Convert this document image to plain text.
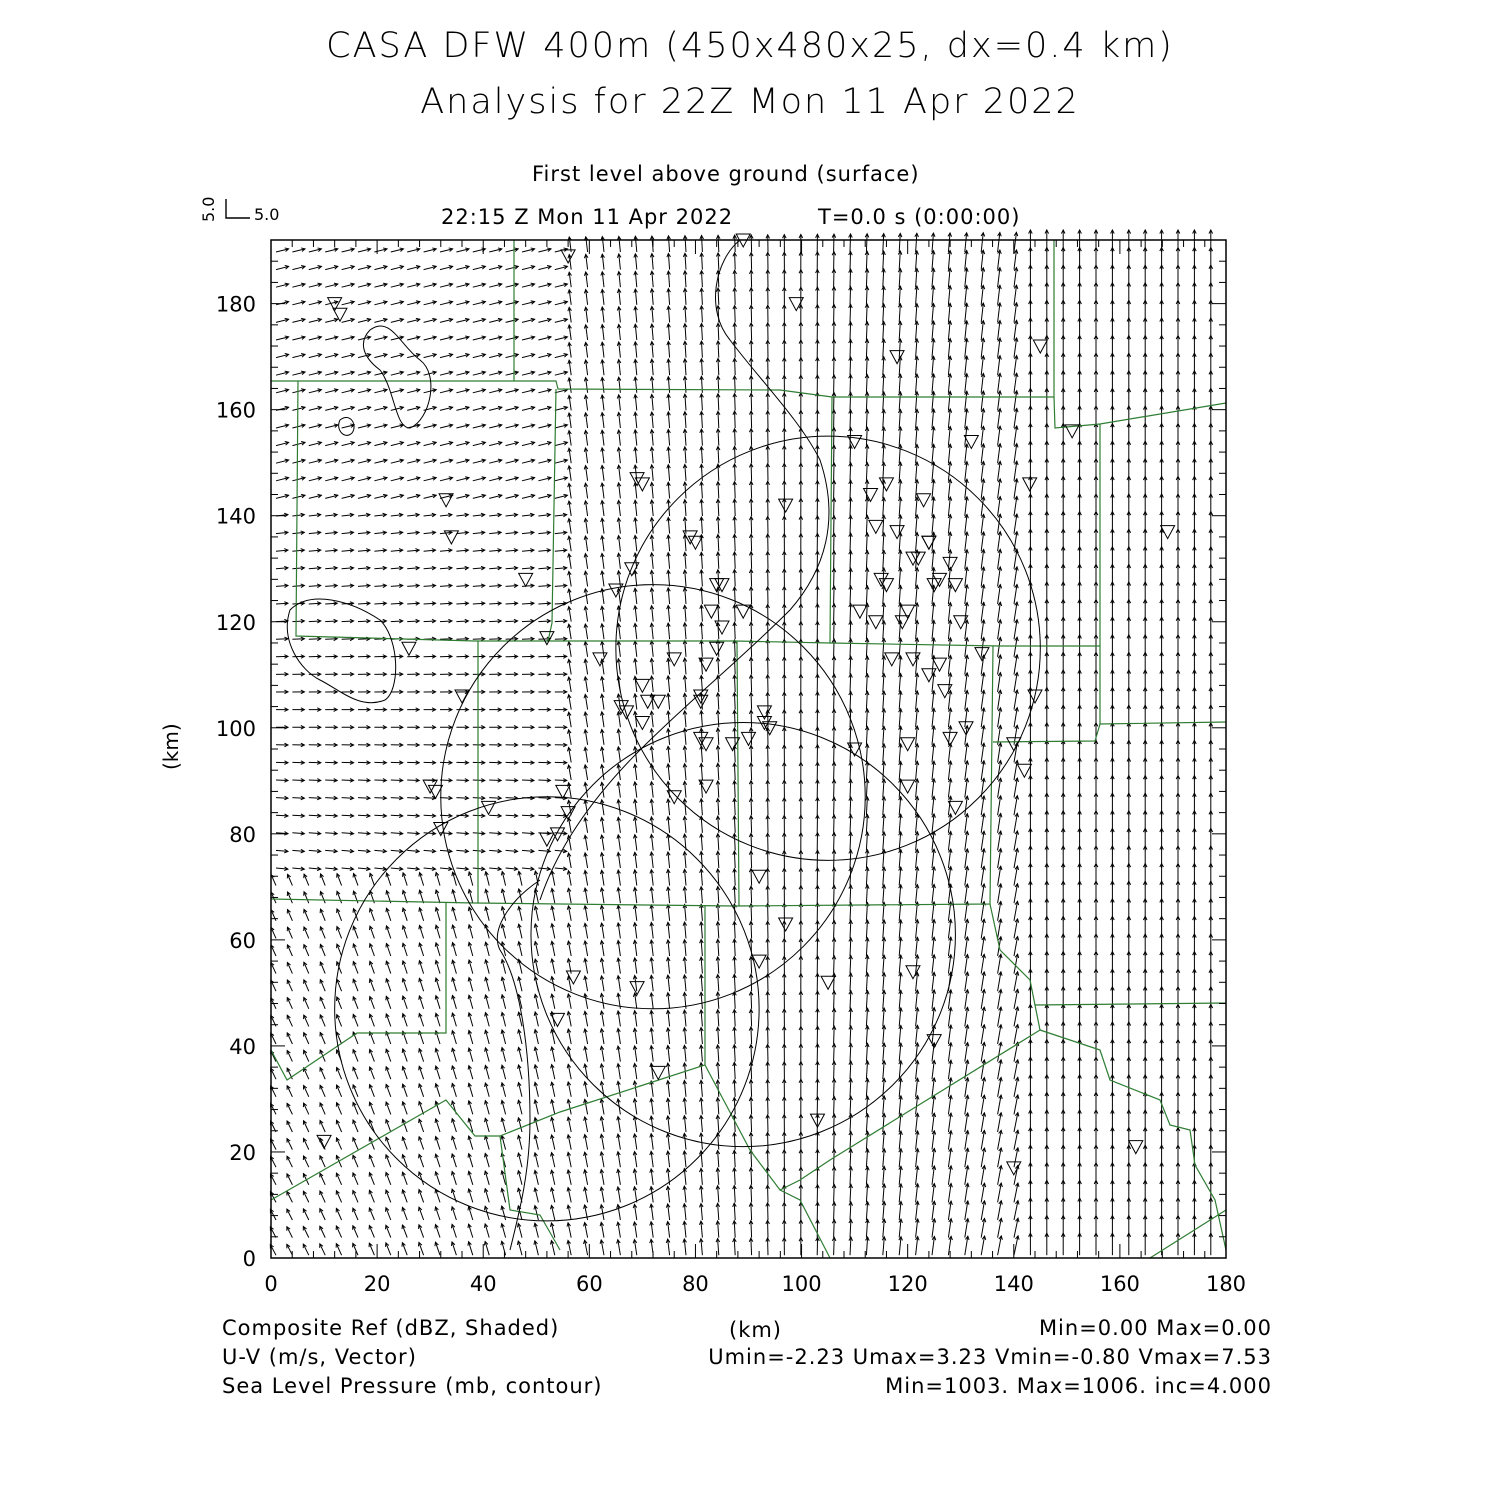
CASA DFW 400m (450x480x25, dx=0.4 km)
Analysis for 22Z Mon 11 Apr 2022
First level above ground (surface)
22:15 Z Mon 11 Apr 2022	T=0.0 s (0:00:00)
5.0 5.0
0	20	40	60	80	100	120	140	160	180
0
20
40
60
80
100
120
140
160
180
(km)
(km)
Composite Ref (dBZ, Shaded)	Min=0.00 Max=0.00
U-V (m/s, Vector)	Umin=-2.23 Umax=3.23 Vmin=-0.80 Vmax=7.53
Sea Level Pressure (mb, contour)	Min=1003. Max=1006. inc=4.000
